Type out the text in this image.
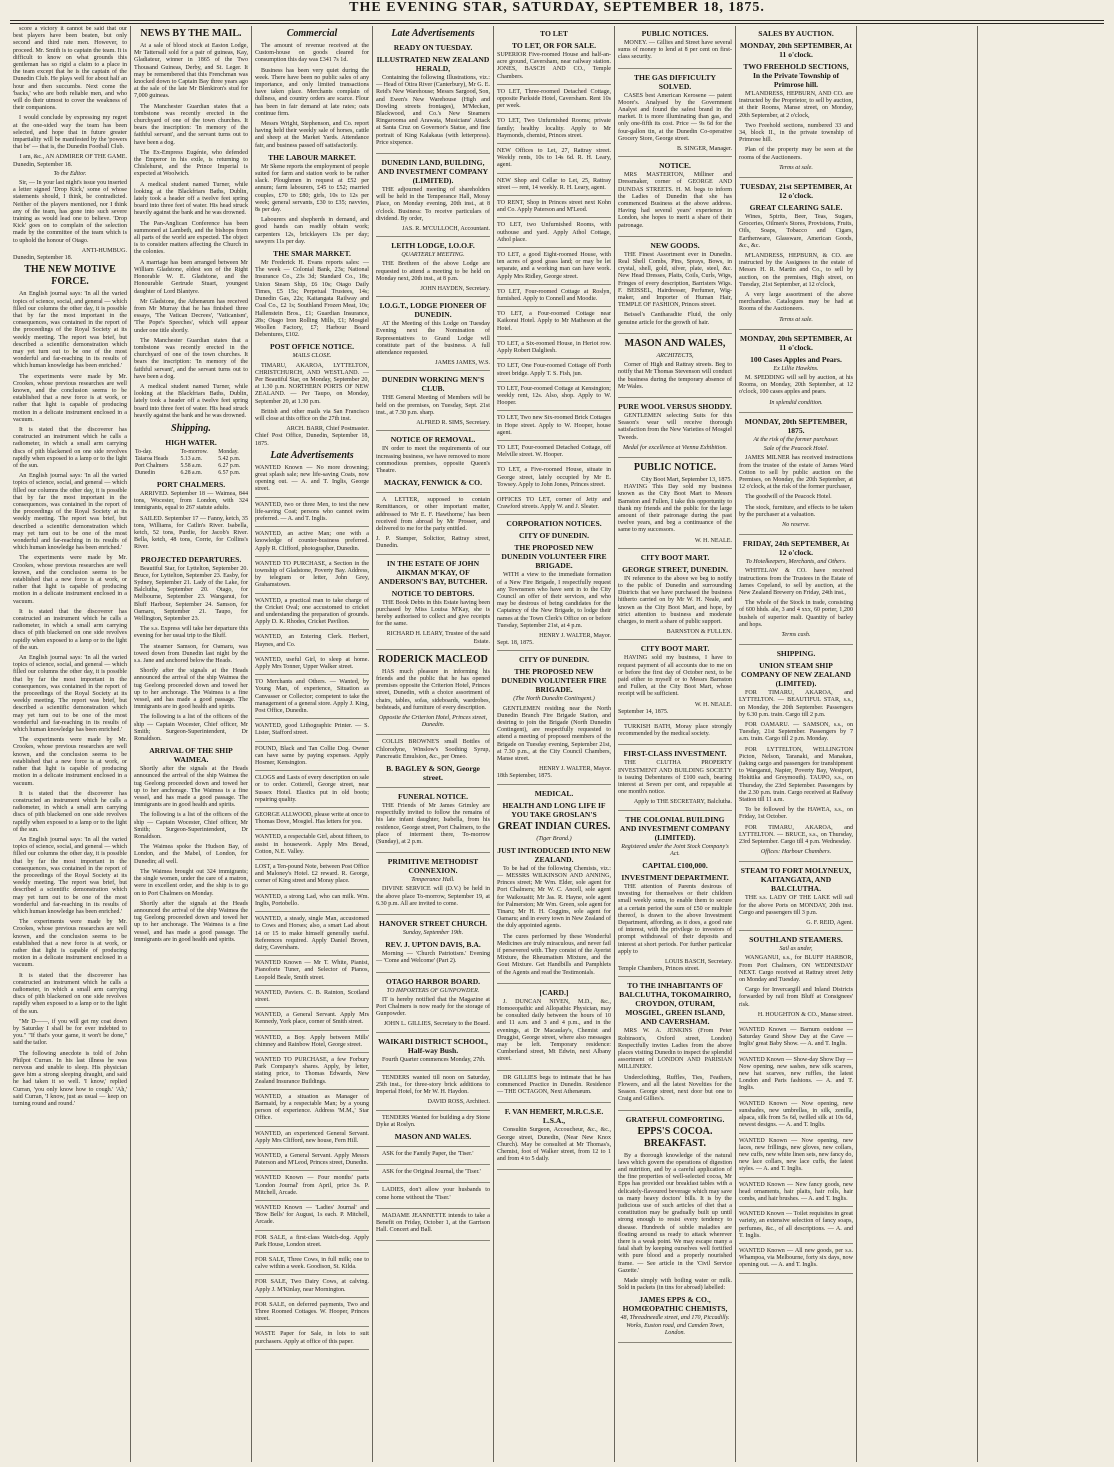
THE EVENING STAR, SATURDAY, SEPTEMBER 18, 1875.

score a victory it cannot be said that our best players have been beaten, but only second and third rate men. However, to proceed. Mr. Smith is to captain the team. It is difficult to know on what grounds this gentleman has so rigid a claim to a place in the team except that he is the captain of the Dunedin Club. He plays well for about half an hour and then succumbs. Next come the 'backs,' who are both reliable men, and who will do their utmost to cover the weakness of their companions.

I would conclude by expressing my regret at the one-sided way the team has been selected, and hope that in future greater impartiality will be manifested by the 'powers that be' — that is, the Dunedin Football Club.

I am, &c., AN ADMIRER OF THE GAME.
Dunedin, September 18.
To the Editor.

Sir, — In your last night's issue you inserted a letter signed 'Drop Kick,' some of whose statements should, I think, be contradicted. Neither of the players mentioned, nor I think any of the team, has gone into such severe training as would lead one to believe. 'Drop Kick' goes on to complain of the selection made by the committee of the team which is to uphold the honour of Otago.

ANTI-HUMBUG.
Dunedin, September 18.
THE NEW MOTIVE FORCE.

An English journal says: 'In all the varied topics of science, social, and general — which filled our columns the other day, it is possible that by far the most important in the consequences, was contained in the report of the proceedings of the Royal Society at its weekly meeting. The report was brief, but described a scientific demonstration which may yet turn out to be one of the most wonderful and far-reaching in its results of which human knowledge has been enriched.'

The experiments were made by Mr. Crookes, whose previous researches are well known, and the conclusion seems to be established that a new force is at work, or rather that light is capable of producing motion in a delicate instrument enclosed in a vacuum.

It is stated that the discoverer has constructed an instrument which he calls a radiometer, in which a small arm carrying discs of pith blackened on one side revolves rapidly when exposed to a lamp or to the light of the sun.

An English journal says: 'In all the varied topics of science, social, and general — which filled our columns the other day, it is possible that by far the most important in the consequences, was contained in the report of the proceedings of the Royal Society at its weekly meeting. The report was brief, but described a scientific demonstration which may yet turn out to be one of the most wonderful and far-reaching in its results of which human knowledge has been enriched.'

The experiments were made by Mr. Crookes, whose previous researches are well known, and the conclusion seems to be established that a new force is at work, or rather that light is capable of producing motion in a delicate instrument enclosed in a vacuum.

It is stated that the discoverer has constructed an instrument which he calls a radiometer, in which a small arm carrying discs of pith blackened on one side revolves rapidly when exposed to a lamp or to the light of the sun.

An English journal says: 'In all the varied topics of science, social, and general — which filled our columns the other day, it is possible that by far the most important in the consequences, was contained in the report of the proceedings of the Royal Society at its weekly meeting. The report was brief, but described a scientific demonstration which may yet turn out to be one of the most wonderful and far-reaching in its results of which human knowledge has been enriched.'

The experiments were made by Mr. Crookes, whose previous researches are well known, and the conclusion seems to be established that a new force is at work, or rather that light is capable of producing motion in a delicate instrument enclosed in a vacuum.

It is stated that the discoverer has constructed an instrument which he calls a radiometer, in which a small arm carrying discs of pith blackened on one side revolves rapidly when exposed to a lamp or to the light of the sun.

An English journal says: 'In all the varied topics of science, social, and general — which filled our columns the other day, it is possible that by far the most important in the consequences, was contained in the report of the proceedings of the Royal Society at its weekly meeting. The report was brief, but described a scientific demonstration which may yet turn out to be one of the most wonderful and far-reaching in its results of which human knowledge has been enriched.'

The experiments were made by Mr. Crookes, whose previous researches are well known, and the conclusion seems to be established that a new force is at work, or rather that light is capable of producing motion in a delicate instrument enclosed in a vacuum.

It is stated that the discoverer has constructed an instrument which he calls a radiometer, in which a small arm carrying discs of pith blackened on one side revolves rapidly when exposed to a lamp or to the light of the sun.

"Mr D——, if you will get my coat down by Saturday I shall be for ever indebted to you." "If that's your game, it won't be done," said the tailor.

The following anecdote is told of John Philpot Curran. In his last illness he was nervous and unable to sleep. His physician gave him a strong sleeping draught, and said he had taken it so well. 'I know,' replied Curran, 'you only know how to cough.' 'Ah,' said Curran, 'I know, just as usual — keep on turning round and round.'

NEWS BY THE MAIL.

At a sale of blood stock at Easton Lodge, Mr Tattersall sold for a pair of guineas, Kay, Gladiateur, winner in 1865 of the Two Thousand Guineas, Derby, and St. Leger. It may be remembered that this Frenchman was knocked down to Captain Bay three years ago at the sale of the late Mr Blenkiron's stud for 7,000 guineas.

The Manchester Guardian states that a tombstone was recently erected in the churchyard of one of the town churches. It bears the inscription: 'In memory of the faithful servant', and the servant turns out to have been a dog.

The Ex-Empress Eugénie, who defended the Emperor in his exile, is returning to Chislehurst, and the Prince Imperial is expected at Woolwich.

A medical student named Turner, while looking at the Blackfriars Baths, Dublin, lately took a header off a twelve feet spring board into three feet of water. His head struck heavily against the bank and he was drowned.

The Pan-Anglican Conference has been summoned at Lambeth, and the bishops from all parts of the world are expected. The object is to consider matters affecting the Church in the colonies.

A marriage has been arranged between Mr William Gladstone, eldest son of the Right Honorable W. E. Gladstone, and the Honourable Gertrude Stuart, youngest daughter of Lord Blantyre.

Mr Gladstone, the Athenæum has received from Mr Murray that he has finished three essays, 'The Vatican Decrees', 'Vaticanism', 'The Pope's Speeches', which will appear under one title shortly.

The Manchester Guardian states that a tombstone was recently erected in the churchyard of one of the town churches. It bears the inscription: 'In memory of the faithful servant', and the servant turns out to have been a dog.

A medical student named Turner, while looking at the Blackfriars Baths, Dublin, lately took a header off a twelve feet spring board into three feet of water. His head struck heavily against the bank and he was drowned.

Shipping.
HIGH WATER.
To-day.	To-morrow.	Monday.
Taiaroa Heads	5.13 a.m.	5.42 p.m.
Port Chalmers	5.58 a.m.	6.27 p.m.
Dunedin	6.28 a.m.	6.57 p.m.
PORT CHALMERS.

ARRIVED. September 18 — Waimea, 844 tons, Wocester, from London, with 324 immigrants, equal to 267 statute adults.

SAILED. September 17 — Fanny, ketch, 35 tons, Williams, for Catlin's River. Isabella, ketch, 52 tons, Purdie, for Jacob's River. Bella, ketch, 48 tons, Corrie, for Collins's River.

PROJECTED DEPARTURES.

Beautiful Star, for Lyttelton, September 20. Bruce, for Lyttelton, September 23. Easby, for Sydney, September 21. Lady of the Lake, for Balclutha, September 20. Otago, for Melbourne, September 23. Wanganui, for Bluff Harbour, September 24. Samson, for Oamaru, September 21. Taupo, for Wellington, September 23.

The s.s. Express will take her departure this evening for her usual trip to the Bluff.

The steamer Samson, for Oamaru, was towed down from Dunedin last night by the s.s. Jane and anchored below the Heads.

Shortly after the signals at the Heads announced the arrival of the ship Waimea the tug Geelong proceeded down and towed her up to her anchorage. The Waimea is a fine vessel, and has made a good passage. The immigrants are in good health and spirits.

The following is a list of the officers of the ship — Captain Wocester, Chief officer, Mr Smith; Surgeon-Superintendent, Dr Ronaldson.

ARRIVAL OF THE SHIP WAIMEA.

Shortly after the signals at the Heads announced the arrival of the ship Waimea the tug Geelong proceeded down and towed her up to her anchorage. The Waimea is a fine vessel, and has made a good passage. The immigrants are in good health and spirits.

The following is a list of the officers of the ship — Captain Wocester, Chief officer, Mr Smith; Surgeon-Superintendent, Dr Ronaldson.

The Waimea spoke the Hudson Bay, of London, and the Mabel, of London, for Dunedin; all well.

The Waimea brought out 324 immigrants; the single women, under the care of a matron, were in excellent order, and the ship is to go on to Port Chalmers on Monday.

Shortly after the signals at the Heads announced the arrival of the ship Waimea the tug Geelong proceeded down and towed her up to her anchorage. The Waimea is a fine vessel, and has made a good passage. The immigrants are in good health and spirits.

Commercial

The amount of revenue received at the Custom-house on goods cleared for consumption this day was £341 7s 1d.

Business has been very quiet during the week. There have been no public sales of any importance, and only limited transactions have taken place. Merchants complain of dullness, and country orders are scarce. Flour has been in fair demand at late rates; oats continue firm.

Messrs Wright, Stephenson, and Co. report having held their weekly sale of horses, cattle and sheep at the Market Yards. Attendance fair, and business passed off satisfactorily.

THE LABOUR MARKET.

Mr Skene reports the employment of people suited for farm and station work to be rather slack. Ploughmen in request at £52 per annum; farm labourers, £45 to £52; married couples, £70 to £80; girls, 10s to 12s per week; general servants, £30 to £35; navvies, 8s per day.

Labourers and shepherds in demand, and good hands can readily obtain work; carpenters 12s, bricklayers 13s per day; sawyers 11s per day.

THE SMAR MARKET.

Mr Frederick H. Evans reports sales: — The week — Colonial Bank, 23s; National Insurance Co., 23s 3d; Standard Co., 18s; Union Steam Ship, £6 10s; Otago Daily Times, £5 15s; Perpetual Trustees, 14s; Dunedin Gas, 22s; Kaitangata Railway and Coal Co., £2 1s; Southland Frozen Meat, 10s; Hallenstein Bros., £1; Guardian Insurance, 28s; Otago Iron Rolling Mills, £1; Mosgiel Woollen Factory, £7; Harbour Board Debentures, £102.

POST OFFICE NOTICE.
MAILS CLOSE.

TIMARU, AKAROA, LYTTELTON, CHRISTCHURCH, AND WESTLAND. — Per Beautiful Star, on Monday, September 20, at 1.30 p.m. NORTHERN PORTS OF NEW ZEALAND. — Per Taupo, on Monday, September 20, at 1.30 p.m.

British and other mails via San Francisco will close at this office on the 27th inst.

ARCH. BARR, Chief Postmaster.
Chief Post Office, Dunedin, September 18, 1875.
Late Advertisements
WANTED Known — No more drowning; great splash sale; new life-saving Coats, now opening out. — A. and T. Inglis, George street.
WANTED, two or three Men, to test the new life-saving Coat; persons who cannot swim preferred. — A. and T. Inglis.
WANTED, an active Man; one with a knowledge of counter-business preferred. Apply R. Clifford, photographer, Dunedin.
WANTED TO PURCHASE, a Section in the township of Gladstone, Poverty Bay. Address, by telegram or letter, John Grey, Grahamstown.
WANTED, a practical man to take charge of the Cricket Oval; one accustomed to cricket and understanding the preparation of grounds. Apply D. K. Rhodes, Cricket Pavilion.
WANTED, an Entering Clerk. Herbert, Haynes, and Co.
WANTED, useful Girl, to sleep at home. Apply Mrs Tonner, Upper Walker street.
TO Merchants and Others. — Wanted, by Young Man, of experience, Situation as Canvasser or Collector; competent to take the management of a general store. Apply J. King, Post Office, Dunedin.
WANTED, good Lithographic Printer. — S. Lister, Stafford street.
FOUND, Black and Tan Collie Dog. Owner can have same by paying expenses. Apply Hosmer, Kensington.
CLOGS and Lasts of every description on sale or to order. Cotterell, George street, near Sussex Hotel. Elastics put in old boots; repairing quality.
GEORGE ALLWOOD, please write at once to Thomas Dove, Mosgiel. Has letters for you.
WANTED, a respectable Girl, about fifteen, to assist in housework. Apply Mrs Bread, Cotton, N.E. Valley.
LOST, a Ten-pound Note, between Post Office and Maloney's Hotel. £2 reward. R. George, corner of King street and Moray place.
WANTED, a strong Lad, who can milk. Wm. Inglis, Portobello.
WANTED, a steady, single Man, accustomed to Cows and Horses; also, a smart Lad about 14 or 15 to make himself generally useful. References required. Apply Daniel Brown, dairy, Caversham.
WANTED Known — Mr T. White, Pianist, Pianoforte Tuner, and Selector of Pianos, Leopold Beale, Smith street.
WANTED, Paviers. C. B. Rainton, Scotland street.
WANTED, a General Servant. Apply Mrs Kennedy, York place, corner of Smith street.
WANTED, a Boy. Apply between Mills' chimney and Rainbow Hotel, George street.
WANTED TO PURCHASE, a few Forbury Park Company's shares. Apply, by letter, stating price, to Thomas Edwards, New Zealand Insurance Buildings.
WANTED, a situation as Manager of Barmaid, by a respectable Man; by a young person of experience. Address 'M.M.,' Star Office.
WANTED, an experienced General Servant. Apply Mrs Clifford, new house, Fern Hill.
WANTED, a General Servant. Apply Messrs Paterson and M'Leod, Princes street, Dunedin.
WANTED Known — Four months' parts 'London Journal' from April, price 3s. P. Mitchell, Arcade.
WANTED Known — 'Ladies' Journal' and 'Bow Bells' for August, 1s each. P. Mitchell, Arcade.
FOR SALE, a first-class Watch-dog. Apply Park House, London street.
FOR SALE, Three Cows, in full milk; one to calve within a week. Goodison, St. Kilda.
FOR SALE, Two Dairy Cows, at calving. Apply J. M'Kinlay, near Mornington.
FOR SALE, on deferred payments, Two and Three Roomed Cottages. W. Hooper, Princes street.
WASTE Paper for Sale, in lots to suit purchasers. Apply at office of this paper.
Late Advertisements
READY ON TUESDAY.
ILLUSTRATED NEW ZEALAND HERALD,

Containing the following Illustrations, viz.: — Head of Otira River (Canterbury), Mr G. E. Reid's New Warehouse; Messrs Sargood, Son, and Ewen's New Warehouse (High and Dowling streets frontages), M'Meckan, Blackwood, and Co.'s New Steamers Ringarooma and Arawata, Musicians' Attack at Santa Cruz on Governor's Statue, and fine portrait of King Kalakaua (with letterpress). Price sixpence.

DUNEDIN LAND, BUILDING, AND INVESTMENT COMPANY (LIMITED).

THE adjourned meeting of shareholders will be held in the Temperance Hall, Moray Place, on Monday evening, 20th inst., at 8 o'clock. Business: To receive particulars of dividend. By order,

JAS. R. M'CULLOCH, Accountant.
LEITH LODGE, I.O.O.F.
QUARTERLY MEETING.

THE Brethren of the above Lodge are requested to attend a meeting to be held on Monday next, 20th inst., at 8 p.m.

JOHN HAYDEN, Secretary.
I.O.G.T., LODGE PIONEER OF DUNEDIN.

AT the Meeting of this Lodge on Tuesday Evening next the Nomination of Representatives to Grand Lodge will constitute part of the business. A full attendance requested.

JAMES JAMES, W.S.
DUNEDIN WORKING MEN'S CLUB.

THE General Meeting of Members will be held on the premises, on Tuesday, Sept. 21st inst., at 7.30 p.m. sharp.

ALFRED R. SIMS, Secretary.
NOTICE OF REMOVAL.

IN order to meet the requirements of our increasing business, we have removed to more commodious premises, opposite Queen's Theatre.

MACKAY, FENWICK & CO.

A LETTER, supposed to contain Remittances, or other important matter, addressed to 'Mr E. F. Hawthorne,' has been received from abroad by Mr Prosser, and delivered to me for the party entitled.

J. P. Stamper, Solicitor, Rattray street, Dunedin.
IN THE ESTATE OF JOHN AIKMAN M'KAY, OF ANDERSON'S BAY, BUTCHER.
NOTICE TO DEBTORS.

THE Book Debts in this Estate having been purchased by Miss Louisa M'Kay, she is hereby authorised to collect and give receipts for the same.

RICHARD H. LEARY, Trustee of the said Estate.
RODERICK MACLEOD

HAS much pleasure in informing his friends and the public that he has opened premises opposite the Criterion Hotel, Princes street, Dunedin, with a choice assortment of chairs, tables, sofas, sideboards, wardrobes, bedsteads, and furniture of every description.

Opposite the Criterion Hotel, Princes street, Dunedin.

COLLIS BROWNE'S small Bottles of Chlorodyne, Winslow's Soothing Syrup, Pancreatic Emulsion, &c., per Omeo.

B. BAGLEY & SON, George street.
FUNERAL NOTICE.

THE Friends of Mr James Grimley are respectfully invited to follow the remains of his late infant daughter, Isabella, from his residence, George street, Port Chalmers, to the place of interment there, To-morrow (Sunday), at 2 p.m.

PRIMITIVE METHODIST CONNEXION.
Temperance Hall.

DIVINE SERVICE will (D.V.) be held in the above place To-morrow, September 19, at 6.30 p.m. All are invited to come.

HANOVER STREET CHURCH.
Sunday, September 19th.
REV. J. UPTON DAVIS, B.A.

Morning — 'Church Patriotism.' Evening — 'Come and Welcome' (Part 2).

OTAGO HARBOR BOARD.
TO IMPORTERS OF GUNPOWDER.

IT is hereby notified that the Magazine at Port Chalmers is now ready for the storage of Gunpowder.

JOHN L. GILLIES, Secretary to the Board.
WAIKARI DISTRICT SCHOOL, Half-way Bush.

Fourth Quarter commences Monday, 27th.

TENDERS wanted till noon on Saturday, 25th inst., for three-story brick additions to Imperial Hotel, for Mr W. H. Haydon.

DAVID ROSS, Architect.

TENDERS Wanted for building a dry Stone Dyke at Roslyn.

MASON AND WALES.

ASK for the Family Paper, the 'Tiser.'

ASK for the Original Journal, the 'Tiser.'

LADIES, don't allow your husbands to come home without the 'Tiser.'

MADAME JEANNETTE intends to take a Benefit on Friday, October 1, at the Garrison Hall. Concert and Ball.

TO LET
TO LET, OR FOR SALE.
SUPERIOR Five-roomed House and half-an-acre ground, Caversham, near railway station. JONES, BASCH AND CO., Temple Chambers.
TO LET, Three-roomed Detached Cottage, opposite Parkside Hotel, Caversham. Rent 10s per week.
TO LET, Two Unfurnished Rooms; private family; healthy locality. Apply to Mr Haymonds, chemist, Princes street.
NEW Offices to Let, 27, Rattray street. Weekly rents, 10s to 14s 6d. R. H. Leary, agent.
NEW Shop and Cellar to Let, 25, Rattray street — rent, 14 weekly. R. H. Leary, agent.
TO RENT, Shop in Princes street next Kohn and Co. Apply Paterson and M'Leod.
TO LET, two Unfurnished Rooms, with outhouse and yard. Apply Athol Cottage, Athol place.
TO LET, a good Eight-roomed House, with ten acres of good grass land; or may be let separate, and a working man can have work. Apply Mrs Ridley, George street.
TO LET, Four-roomed Cottage at Roslyn, furnished. Apply to Connell and Moodie.
TO LET, a Four-roomed Cottage near Kaikorai Hotel. Apply to Mr Matheson at the Hotel.
TO LET, a Six-roomed House, in Heriot row. Apply Robert Dalgliesh.
TO LET, One Four-roomed Cottage off Forth street bridge. Apply T. S. Fish, jun.
TO LET, Four-roomed Cottage at Kensington; weekly rent, 12s. Also, shop. Apply to W. Hooper.
TO LET, Two new Six-roomed Brick Cottages in Hope street. Apply to W. Hooper, house agent.
TO LET, Four-roomed Detached Cottage, off Melville street. W. Hooper.
TO LET, a Five-roomed House, situate in George street, lately occupied by Mr E. Towsey. Apply to John Jones, Princes street.
OFFICES TO LET, corner of Jetty and Crawford streets. Apply W. and J. Sleater.
CORPORATION NOTICES.
CITY OF DUNEDIN.
THE PROPOSED NEW DUNEDIN VOLUNTEER FIRE BRIGADE.

WITH a view to the immediate formation of a New Fire Brigade, I respectfully request any Townsmen who have sent in to the City Council an offer of their services, and who may be desirous of being candidates for the Captaincy of the New Brigade, to lodge their names at the Town Clerk's Office on or before Tuesday, September 21st, at 4 p.m.

HENRY J. WALTER, Mayor.
Sept. 18, 1875.
CITY OF DUNEDIN.
THE PROPOSED NEW DUNEDIN VOLUNTEER FIRE BRIGADE.
(The North Dunedin Contingent.)

GENTLEMEN residing near the North Dunedin Branch Fire Brigade Station, and desiring to join the Brigade (North Dunedin Contingent), are respectfully requested to attend a meeting of proposed members of the Brigade on Tuesday evening, September 21st, at 7.30 p.m., at the City Council Chambers, Manse street.

HENRY J. WALTER, Mayor.
18th September, 1875.
MEDICAL.
HEALTH AND LONG LIFE IF YOU TAKE GROSLAN'S
GREAT INDIAN CURES.
(Tiger Brand.)
JUST INTRODUCED INTO NEW ZEALAND.

To be had of the following Chemists, viz.: — MESSRS WILKINSON AND ANNING, Princes street; Mr Wm. Elder, sole agent for Port Chalmers; Mr W. C. Ancell, sole agent for Waikouaiti; Mr Jas. R. Hayne, sole agent for Palmerston; Mr Wm. Green, sole agent for Tinaru; Mr H. H. Coggins, sole agent for Oamaru; and in every town in New Zealand of the duly appointed agents.

The cures performed by these Wonderful Medicines are truly miraculous, and never fail if persevered with. They consist of the Ayerist Mixture, the Rheumatism Mixture, and the Gout Mixture. Get Handbills and Pamphlets of the Agents and read the Testimonials.

[CARD.]

J. DUNCAN NIVEN, M.D., &c., Homoeopathic and Allopathic Physician, may be consulted daily between the hours of 10 and 11 a.m. and 3 and 4 p.m., and in the evenings, at Dr Macaulay's, Chemist and Druggist, George street, where also messages may be left. Temporary residence: Cumberland street, Mt Edwin, next Albany street.

DR GILLIES begs to intimate that he has commenced Practice in Dunedin. Residence — THE OCTAGON, Next Athenæum.

F. VAN HEMERT, M.R.C.S.E. L.S.A.,

Consultin Surgeon, Accoucheur, &c., &c., George street, Dunedin, (Near New Knox Church). May be consulted at Mr Thomas's, Chemist, foot of Walker street, from 12 to 1 and from 4 to 5 daily.

PUBLIC NOTICES.

MONEY. — Gillies and Street have several sums of money to lend at 8 per cent on first-class security.

THE GAS DIFFICULTY SOLVED.

CASES best American Kerosene — patent Moore's. Analysed by the Government Analyst and found the safest brand in the market. It is more illuminating than gas, and only one-fifth its cost. Price — 9s 6d for the four-gallon tin, at the Dunedin Co-operative Grocery Store, George street.

B. SINGER, Manager.
NOTICE.

MRS MASTERTON, Milliner and Dressmaker, corner of GEORGE AND DUNDAS STREETS. H. M. begs to inform the Ladies of Dunedin that she has commenced Business at the above address. Having had several years' experience in London, she hopes to merit a share of their patronage.

NEW GOODS.

THE Finest Assortment ever in Dunedin. Real Shell Combs, Pins, Sprays, Bows, in crystal, shell, gold, silver, plate, steel, &c. New Head Dresses, Plaits, Coils, Curls, Wigs, Fringes of every description, Barristers Wigs. F. BEISSEL, Hairdresser, Perfumer, Wig-maker, and Importer of Human Hair, TEMPLE OF FASHION, Princes street.

Beissel's Cantharadite Fluid, the only genuine article for the growth of hair.

MASON AND WALES,
ARCHITECTS,

Corner of High and Rattray streets. Beg to notify that Mr Thomas Stevenson will conduct the business during the temporary absence of Mr Wales.

PURE WOOL VERSUS SHODDY.

GENTLEMEN selecting Suits for this Season's wear will receive thorough satisfaction from the New Varieties of Mosgiel Tweeds.

Medal for excellence at Vienna Exhibition.
PUBLIC NOTICE.
City Boot Mart, September 13, 1875.

HAVING This Day sold my business known as the City Boot Mart to Messrs Barnston and Fullen, I take this opportunity to thank my friends and the public for the large amount of their patronage during the past twelve years, and beg a continuance of the same to my successors.

W. H. NEALE.
CITY BOOT MART.
GEORGE STREET, DUNEDIN.

IN reference to the above we beg to notify to the public of Dunedin and surrounding Districts that we have purchased the business hitherto carried on by Mr W. H. Neale, and known as the City Boot Mart, and hope, by strict attention to business and moderate charges, to merit a share of public support.

BARNSTON & FULLEN.
CITY BOOT MART.

HAVING sold my business, I have to request payment of all accounts due to me on or before the first day of October next, to be paid either to myself or to Messrs Barnston and Fullen, at the City Boot Mart, whose receipt will be sufficient.

W. H. NEALE.
September 14, 1875.

TURKISH BATH, Moray place strongly recommended by the medical society.

FIRST-CLASS INVESTMENT.

THE CLUTHA PROPERTY INVESTMENT AND BUILDING SOCIETY is issuing Debentures of £100 each, bearing interest at Seven per cent, and repayable at one month's notice.

Apply to THE SECRETARY, Balclutha.
THE COLONIAL BUILDING AND INVESTMENT COMPANY (LIMITED).
Registered under the Joint Stock Company's Act.
CAPITAL £100,000.
INVESTMENT DEPARTMENT.

THE attention of Parents desirous of investing for themselves or their children small weekly sums, to enable them to secure at a certain period the sum of £50 or multiple thereof, is drawn to the above Investment Department, affording, as it does, a good rate of interest, with the privilege to investors of prompt withdrawal of their deposits and interest at short periods. For further particular apply to

LOUIS BASCH, Secretary.
Temple Chambers, Princes street.
TO THE INHABITANTS OF BALCLUTHA, TOKOMAIRIRO, CROYDON, OTURAM, MOSGIEL, GREEN ISLAND, AND CAVERSHAM.

MRS W. A. JENKINS (From Peter Robinson's, Oxford street, London) Respectfully invites Ladies from the above places visiting Dunedin to inspect the splendid assortment of LONDON AND PARISIAN MILLINERY.

Underclothing, Ruffles, Ties, Feathers, Flowers, and all the latest Novelties for the Season. George street, next door but one to Craig and Gillies's.

GRATEFUL COMFORTING.
EPPS'S COCOA. BREAKFAST.

By a thorough knowledge of the natural laws which govern the operations of digestion and nutrition, and by a careful application of the fine properties of well-selected cocoa, Mr Epps has provided our breakfast tables with a delicately-flavoured beverage which may save us many heavy doctors' bills. It is by the judicious use of such articles of diet that a constitution may be gradually built up until strong enough to resist every tendency to disease. Hundreds of subtle maladies are floating around us ready to attack wherever there is a weak point. We may escape many a fatal shaft by keeping ourselves well fortified with pure blood and a properly nourished frame. — See article in the 'Civil Service Gazette.'

Made simply with boiling water or milk. Sold in packets (in tins for abroad) labelled:

JAMES EPPS & CO., HOMŒOPATHIC CHEMISTS,
48, Threadneedle street, and 170, Piccadilly. Works, Euston road, and Camden Town, London.
SALES BY AUCTION.
MONDAY, 20th SEPTEMBER, At 11 o'clock.
TWO FREEHOLD SECTIONS, In the Private Township of Primrose hill.

M'LANDRESS, HEPBURN, AND CO. are instructed by the Proprietor, to sell by auction, at their Rooms, Manse street, on Monday, 20th September, at 2 o'clock,

Two Freehold sections, numbered 33 and 34, block II., in the private township of Primrose hill.

Plan of the property may be seen at the rooms of the Auctioneers.

Terms at sale.
TUESDAY, 21st SEPTEMBER, At 12 o'clock.
GREAT CLEARING SALE.

Wines, Spirits, Beer, Teas, Sugars, Groceries, Oilmen's Stores, Provisions, Fruits, Oils, Soaps, Tobacco and Cigars, Earthenware, Glassware, American Goods, &c., &c.

M'LANDRESS, HEPBURN, & CO. are instructed by the Assignees in the estate of Messrs H. R. Martin and Co., to sell by auction, on the premises, High street, on Tuesday, 21st September, at 12 o'clock,

A very large assortment of the above merchandise. Catalogues may be had at Rooms of the Auctioneers.

Terms at sale.
MONDAY, 20th SEPTEMBER, At 11 o'clock.
100 Cases Apples and Pears.
Ex Lillie Hawkins.

M. SPEDDING will sell by auction, at his Rooms, on Monday, 20th September, at 12 o'clock, 100 cases apples and pears.

In splendid condition.
MONDAY, 20th SEPTEMBER, 1875.
At the risk of the former purchaser.
Sale of the Peacock Hotel.

JAMES MILNER has received instructions from the trustee of the estate of James Ward Cotton to sell by public auction on the Premises, on Monday, the 20th September, at 12 o'clock, at the risk of the former purchaser,

The goodwill of the Peacock Hotel.

The stock, furniture, and effects to be taken by the purchaser at a valuation.

No reserve.
FRIDAY, 24th SEPTEMBER, At 12 o'clock.
To Hotelkeepers, Merchants, and Others.

WHITELAW & CO. have received instructions from the Trustees in the Estate of James Copeland, to sell by auction, at the New Zealand Brewery on Friday, 24th inst.,

The whole of the Stock in trade, consisting of 600 hhds. ale, 3 and 4 xxx, 60 porter, 1,200 bushels of superior malt. Quantity of barley and hops.

Terms cash.
SHIPPING.
UNION STEAM SHIP COMPANY OF NEW ZEALAND (LIMITED).

FOR TIMARU, AKAROA, and LYTTELTON. — BEAUTIFUL STAR, s.s., on Monday, the 20th September. Passengers by 6.30 p.m. train. Cargo till 2 p.m.

FOR OAMARU. — SAMSON, s.s., on Tuesday, 21st September. Passengers by 7 a.m. train. Cargo till 2 p.m. Monday.

FOR LYTTELTON, WELLINGTON Picton, Nelson, Taranaki, and Manakau, (taking cargo and passengers for transhipment to Wanganui, Napier, Poverty Bay, Westport, Hokitika and Greymouth). TAUPO, s.s., on Thursday, the 23rd September. Passengers by the 2.30 p.m. train. Cargo received at Railway Station till 11 a.m.

To be followed by the HAWEA, s.s., on Friday, 1st October.

FOR TIMARU, AKAROA, and LYTTELTON. — BRUCE, s.s., on Thursday, 23rd September. Cargo till 4 p.m. Wednesday.

Offices: Harbour Chambers.
STEAM TO FORT MOLYNEUX, KAITANGATA, AND BALCLUTHA.

THE s.s. LADY OF THE LAKE will sail for the above Ports on MONDAY, 20th inst. Cargo and passengers till 3 p.m.

G. F. REID, Agent.
SOUTHLAND STEAMERS.
Sail as under,

WANGANUI, s.s., for BLUFF HARBOR, From Port Chalmers, ON WEDNESDAY NEXT. Cargo received at Rattray street Jetty on Monday and Tuesday.

Cargo for Invercargill and Inland Districts forwarded by rail from Bluff at Consignees' risk.

H. HOUGHTON & CO., Manse street.
WANTED Known — Barnum outdone — Saturday Grand Show Day at the Cave — Inglis' great Baby Show. — A. and T. Inglis.
WANTED Known — Show-day Show Day — Now opening, new sashes, new silk scarves, new hat scarves, new ruffles, the latest London and Paris fashions. — A. and T. Inglis.
WANTED Known — Now opening, new sunshades, new umbrellas, in silk, zenilla, alpaca, silk from 5s 6d, twilled silk at 10s 6d, newest designs. — A. and T. Inglis.
WANTED Known — Now opening, new laces, new frillings, new gloves, new collars, new cuffs, new white linen sets, new fancy do, new lace collars, new lace cuffs, the latest styles. — A. and T. Inglis.
WANTED Known — New fancy goods, new head ornaments, hair plaits, hair rolls, hair combs, and hair brushes. — A. and T. Inglis.
WANTED Known — Toilet requisites in great variety, an extensive selection of fancy soaps, perfumes, &c., of all descriptions. — A. and T. Inglis.
WANTED Known — All new goods, per s.s. Whampoa, via Melbourne, forty six days, now opening out. — A. and T. Inglis.
